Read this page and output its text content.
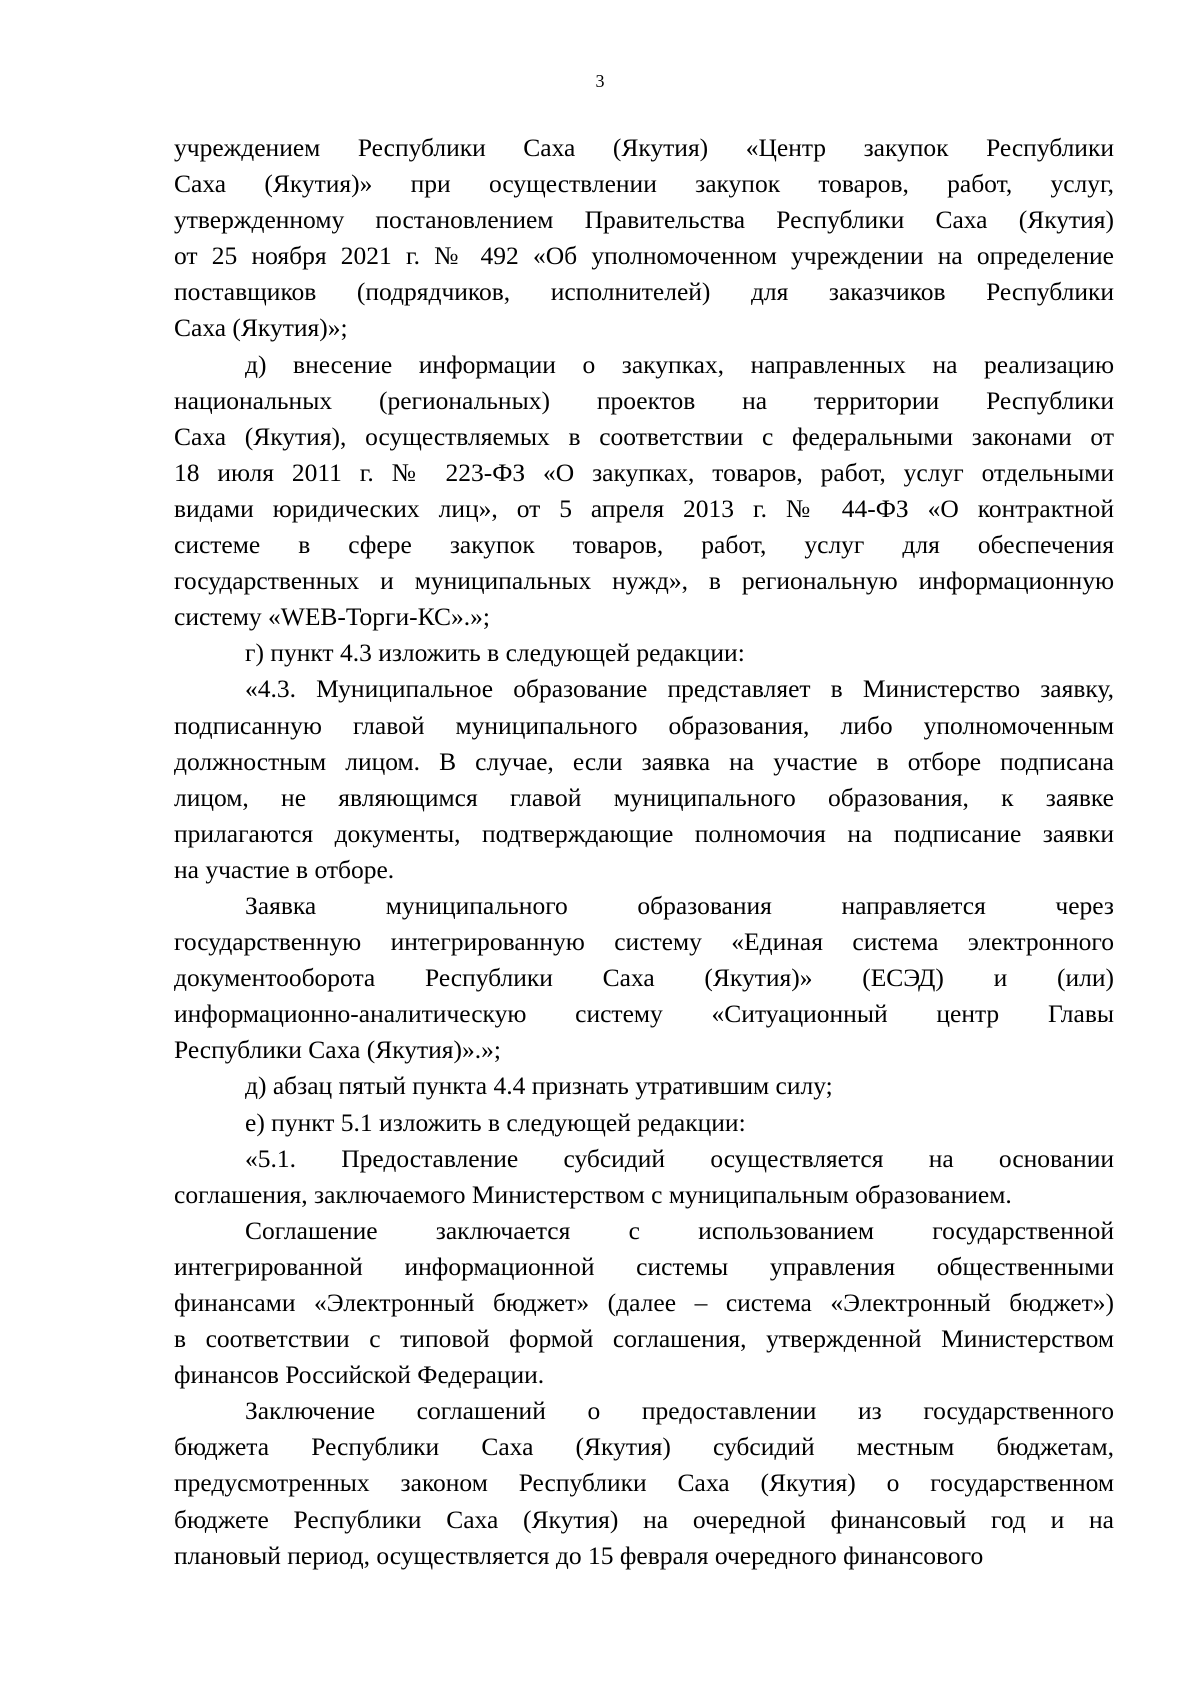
3
учреждением Республики Саха (Якутия) «Центр закупок Республики
Саха (Якутия)» при осуществлении закупок товаров, работ, услуг,
утвержденному постановлением Правительства Республики Саха (Якутия)
от 25 ноября 2021 г. № 492 «Об уполномоченном учреждении на определение
поставщиков (подрядчиков, исполнителей) для заказчиков Республики
Саха (Якутия)»;
д) внесение информации о закупках, направленных на реализацию
национальных (региональных) проектов на территории Республики
Саха (Якутия), осуществляемых в соответствии с федеральными законами от
18 июля 2011 г. № 223-ФЗ «О закупках, товаров, работ, услуг отдельными
видами юридических лиц», от 5 апреля 2013 г. № 44-ФЗ «О контрактной
системе в сфере закупок товаров, работ, услуг для обеспечения
государственных и муниципальных нужд», в региональную информационную
систему «WEB-Торги-КС».»;
г) пункт 4.3 изложить в следующей редакции:
«4.3. Муниципальное образование представляет в Министерство заявку,
подписанную главой муниципального образования, либо уполномоченным
должностным лицом. В случае, если заявка на участие в отборе подписана
лицом, не являющимся главой муниципального образования, к заявке
прилагаются документы, подтверждающие полномочия на подписание заявки
на участие в отборе.
Заявка муниципального образования направляется через
государственную интегрированную систему «Единая система электронного
документооборота Республики Саха (Якутия)» (ЕСЭД) и (или)
информационно-аналитическую систему «Ситуационный центр Главы
Республики Саха (Якутия)».»;
д) абзац пятый пункта 4.4 признать утратившим силу;
е) пункт 5.1 изложить в следующей редакции:
«5.1. Предоставление субсидий осуществляется на основании
соглашения, заключаемого Министерством с муниципальным образованием.
Соглашение заключается с использованием государственной
интегрированной информационной системы управления общественными
финансами «Электронный бюджет» (далее – система «Электронный бюджет»)
в соответствии с типовой формой соглашения, утвержденной Министерством
финансов Российской Федерации.
Заключение соглашений о предоставлении из государственного
бюджета Республики Саха (Якутия) субсидий местным бюджетам,
предусмотренных законом Республики Саха (Якутия) о государственном
бюджете Республики Саха (Якутия) на очередной финансовый год и на
плановый период, осуществляется до 15 февраля очередного финансового
